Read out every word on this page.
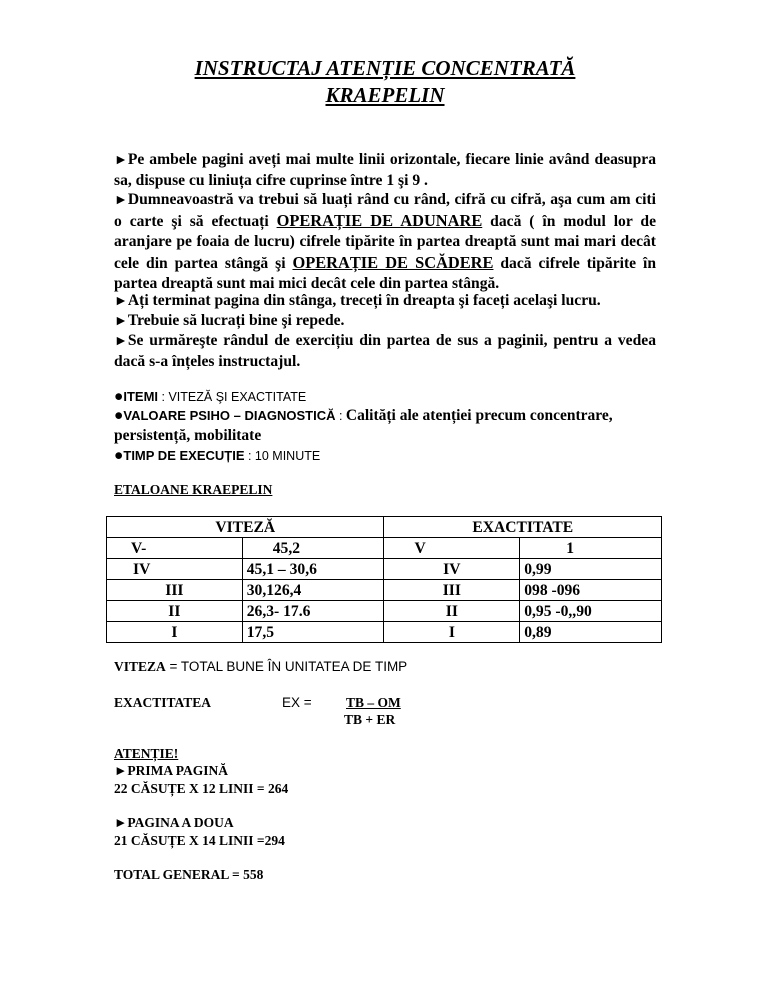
INSTRUCTAJ ATENȚIE CONCENTRATĂ
KRAEPELIN
►Pe ambele pagini aveți mai multe linii orizontale, fiecare linie având deasupra sa, dispuse cu liniuța cifre cuprinse între 1 şi 9 .
►Dumneavoastră va trebui să luați rând cu rând, cifră cu cifră, aşa cum am citi o carte şi să efectuați OPERAȚIE DE ADUNARE dacă ( în modul lor de aranjare pe foaia de lucru) cifrele tipărite în partea dreaptă sunt mai mari decât cele din partea stângă şi OPERAȚIE DE SCĂDERE dacă cifrele tipărite în partea dreaptă sunt mai mici decât cele din partea stângă.
►Ați terminat pagina din stânga, treceți în dreapta şi faceți acelaşi lucru.
►Trebuie să lucrați bine şi repede.
►Se urmăreşte rândul de exercițiu din partea de sus a paginii, pentru a vedea dacă s-a înțeles instructajul.
●ITEMI : VITEZĂ ŞI EXACTITATE
●VALOARE PSIHO – DIAGNOSTICĂ : Calități ale atenției precum concentrare, persistență, mobilitate
●TIMP DE EXECUȚIE : 10 MINUTE
ETALOANE KRAEPELIN
VITEZĂ		EXACTITATE	
V-	45,2	V	1
IV	45,1 – 30,6	IV	0,99
III	30,126,4	III	098 -096
II	26,3- 17.6	II	0,95 -0,,90
I	17,5	I	0,89
VITEZA = TOTAL BUNE ÎN UNITATEA DE TIMP
EXACTITATEA	EX =	TB – OM
TB + ER
ATENȚIE!
►PRIMA PAGINĂ
22 CĂSUȚE X 12 LINII = 264
►PAGINA A DOUA
21 CĂSUȚE X 14 LINII =294
TOTAL GENERAL = 558
